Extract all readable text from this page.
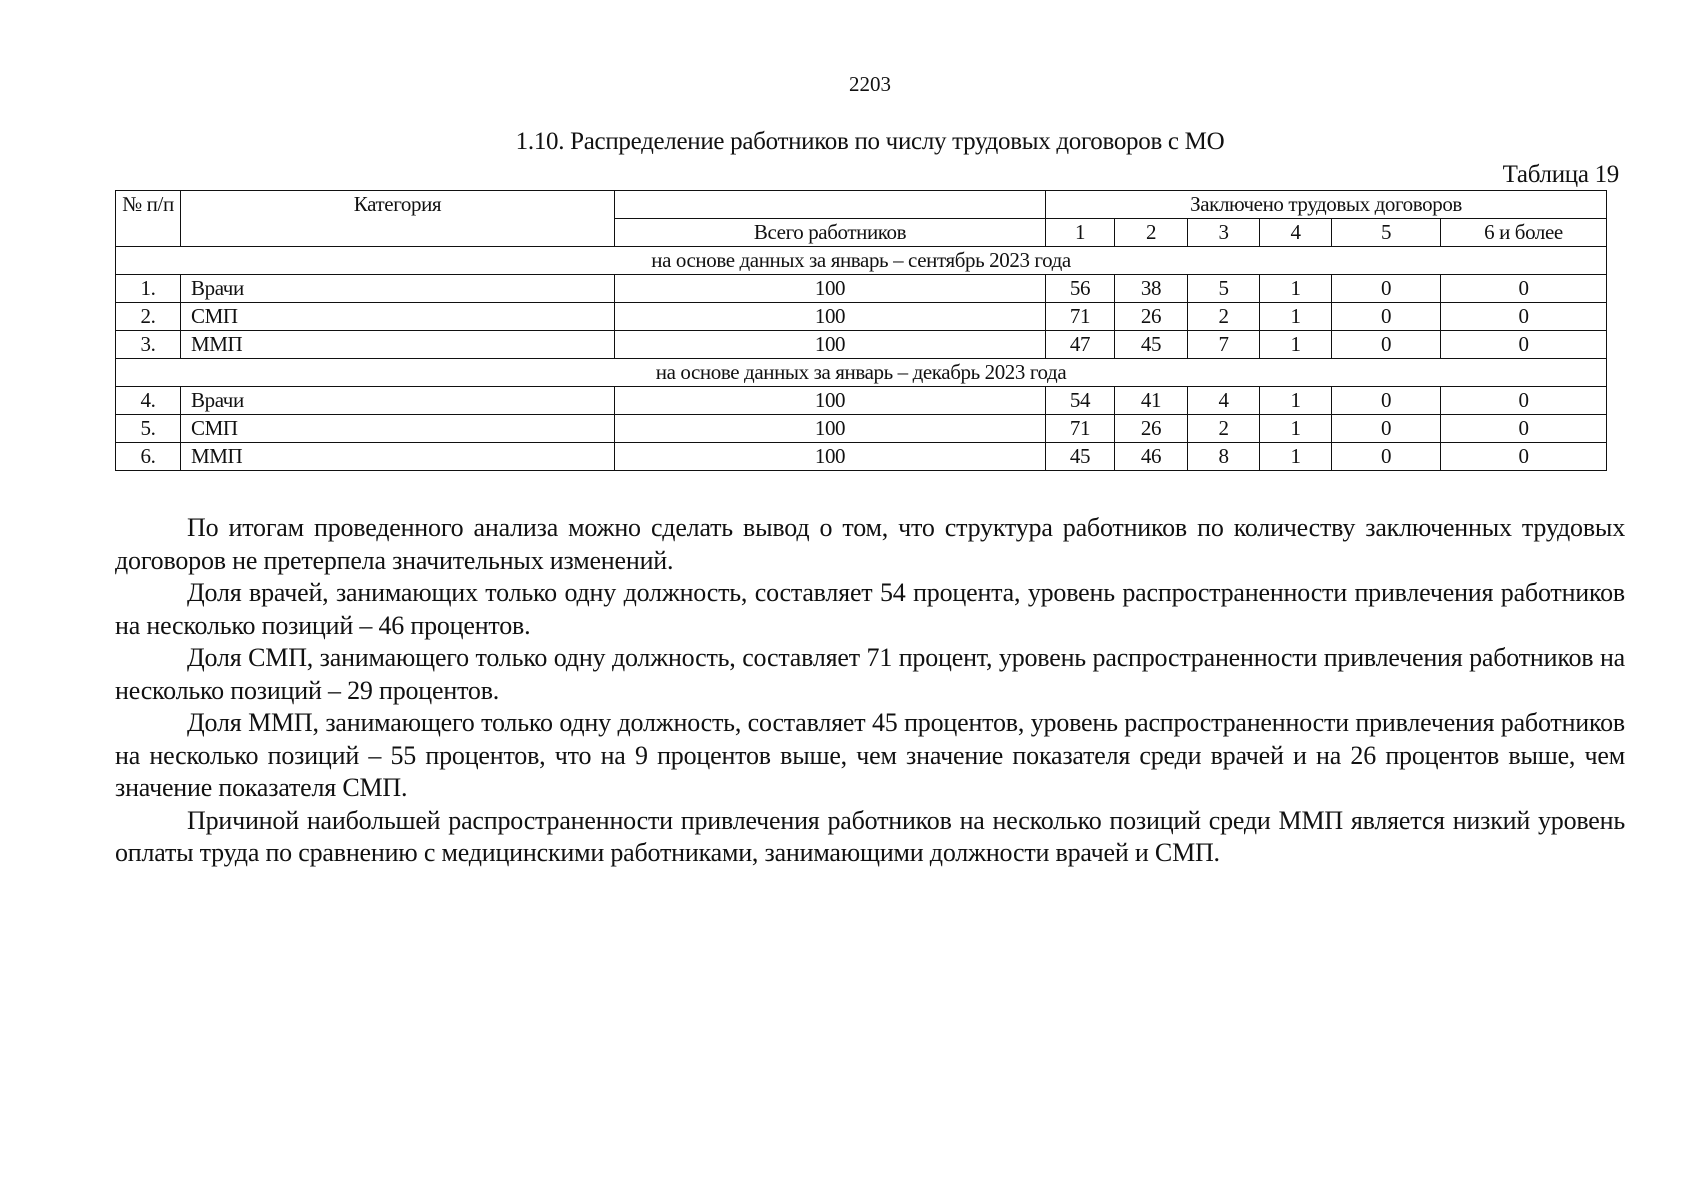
2203
1.10. Распределение работников по числу трудовых договоров с МО
Таблица 19
№ п/п	Категория		Заключено трудовых договоров					
		Всего работников	1	2	3	4	5	6 и более
на основе данных за январь – сентябрь 2023 года								
1.	Врачи	100	56	38	5	1	0	0
2.	СМП	100	71	26	2	1	0	0
3.	ММП	100	47	45	7	1	0	0
на основе данных за январь – декабрь 2023 года								
4.	Врачи	100	54	41	4	1	0	0
5.	СМП	100	71	26	2	1	0	0
6.	ММП	100	45	46	8	1	0	0

По итогам проведенного анализа можно сделать вывод о том, что структура работников по количеству заключенных трудовых договоров не претерпела значительных изменений.

Доля врачей, занимающих только одну должность, составляет 54 процента, уровень распространенности привлечения работников на несколько позиций – 46 процентов.

Доля СМП, занимающего только одну должность, составляет 71 процент, уровень распространенности привлечения работников на несколько позиций – 29 процентов.

Доля ММП, занимающего только одну должность, составляет 45 процентов, уровень распространенности привлечения работников на несколько позиций – 55 процентов, что на 9 процентов выше, чем значение показателя среди врачей и на 26 процентов выше, чем значение показателя СМП.

Причиной наибольшей распространенности привлечения работников на несколько позиций среди ММП является низкий уровень оплаты труда по сравнению с медицинскими работниками, занимающими должности врачей и СМП.
